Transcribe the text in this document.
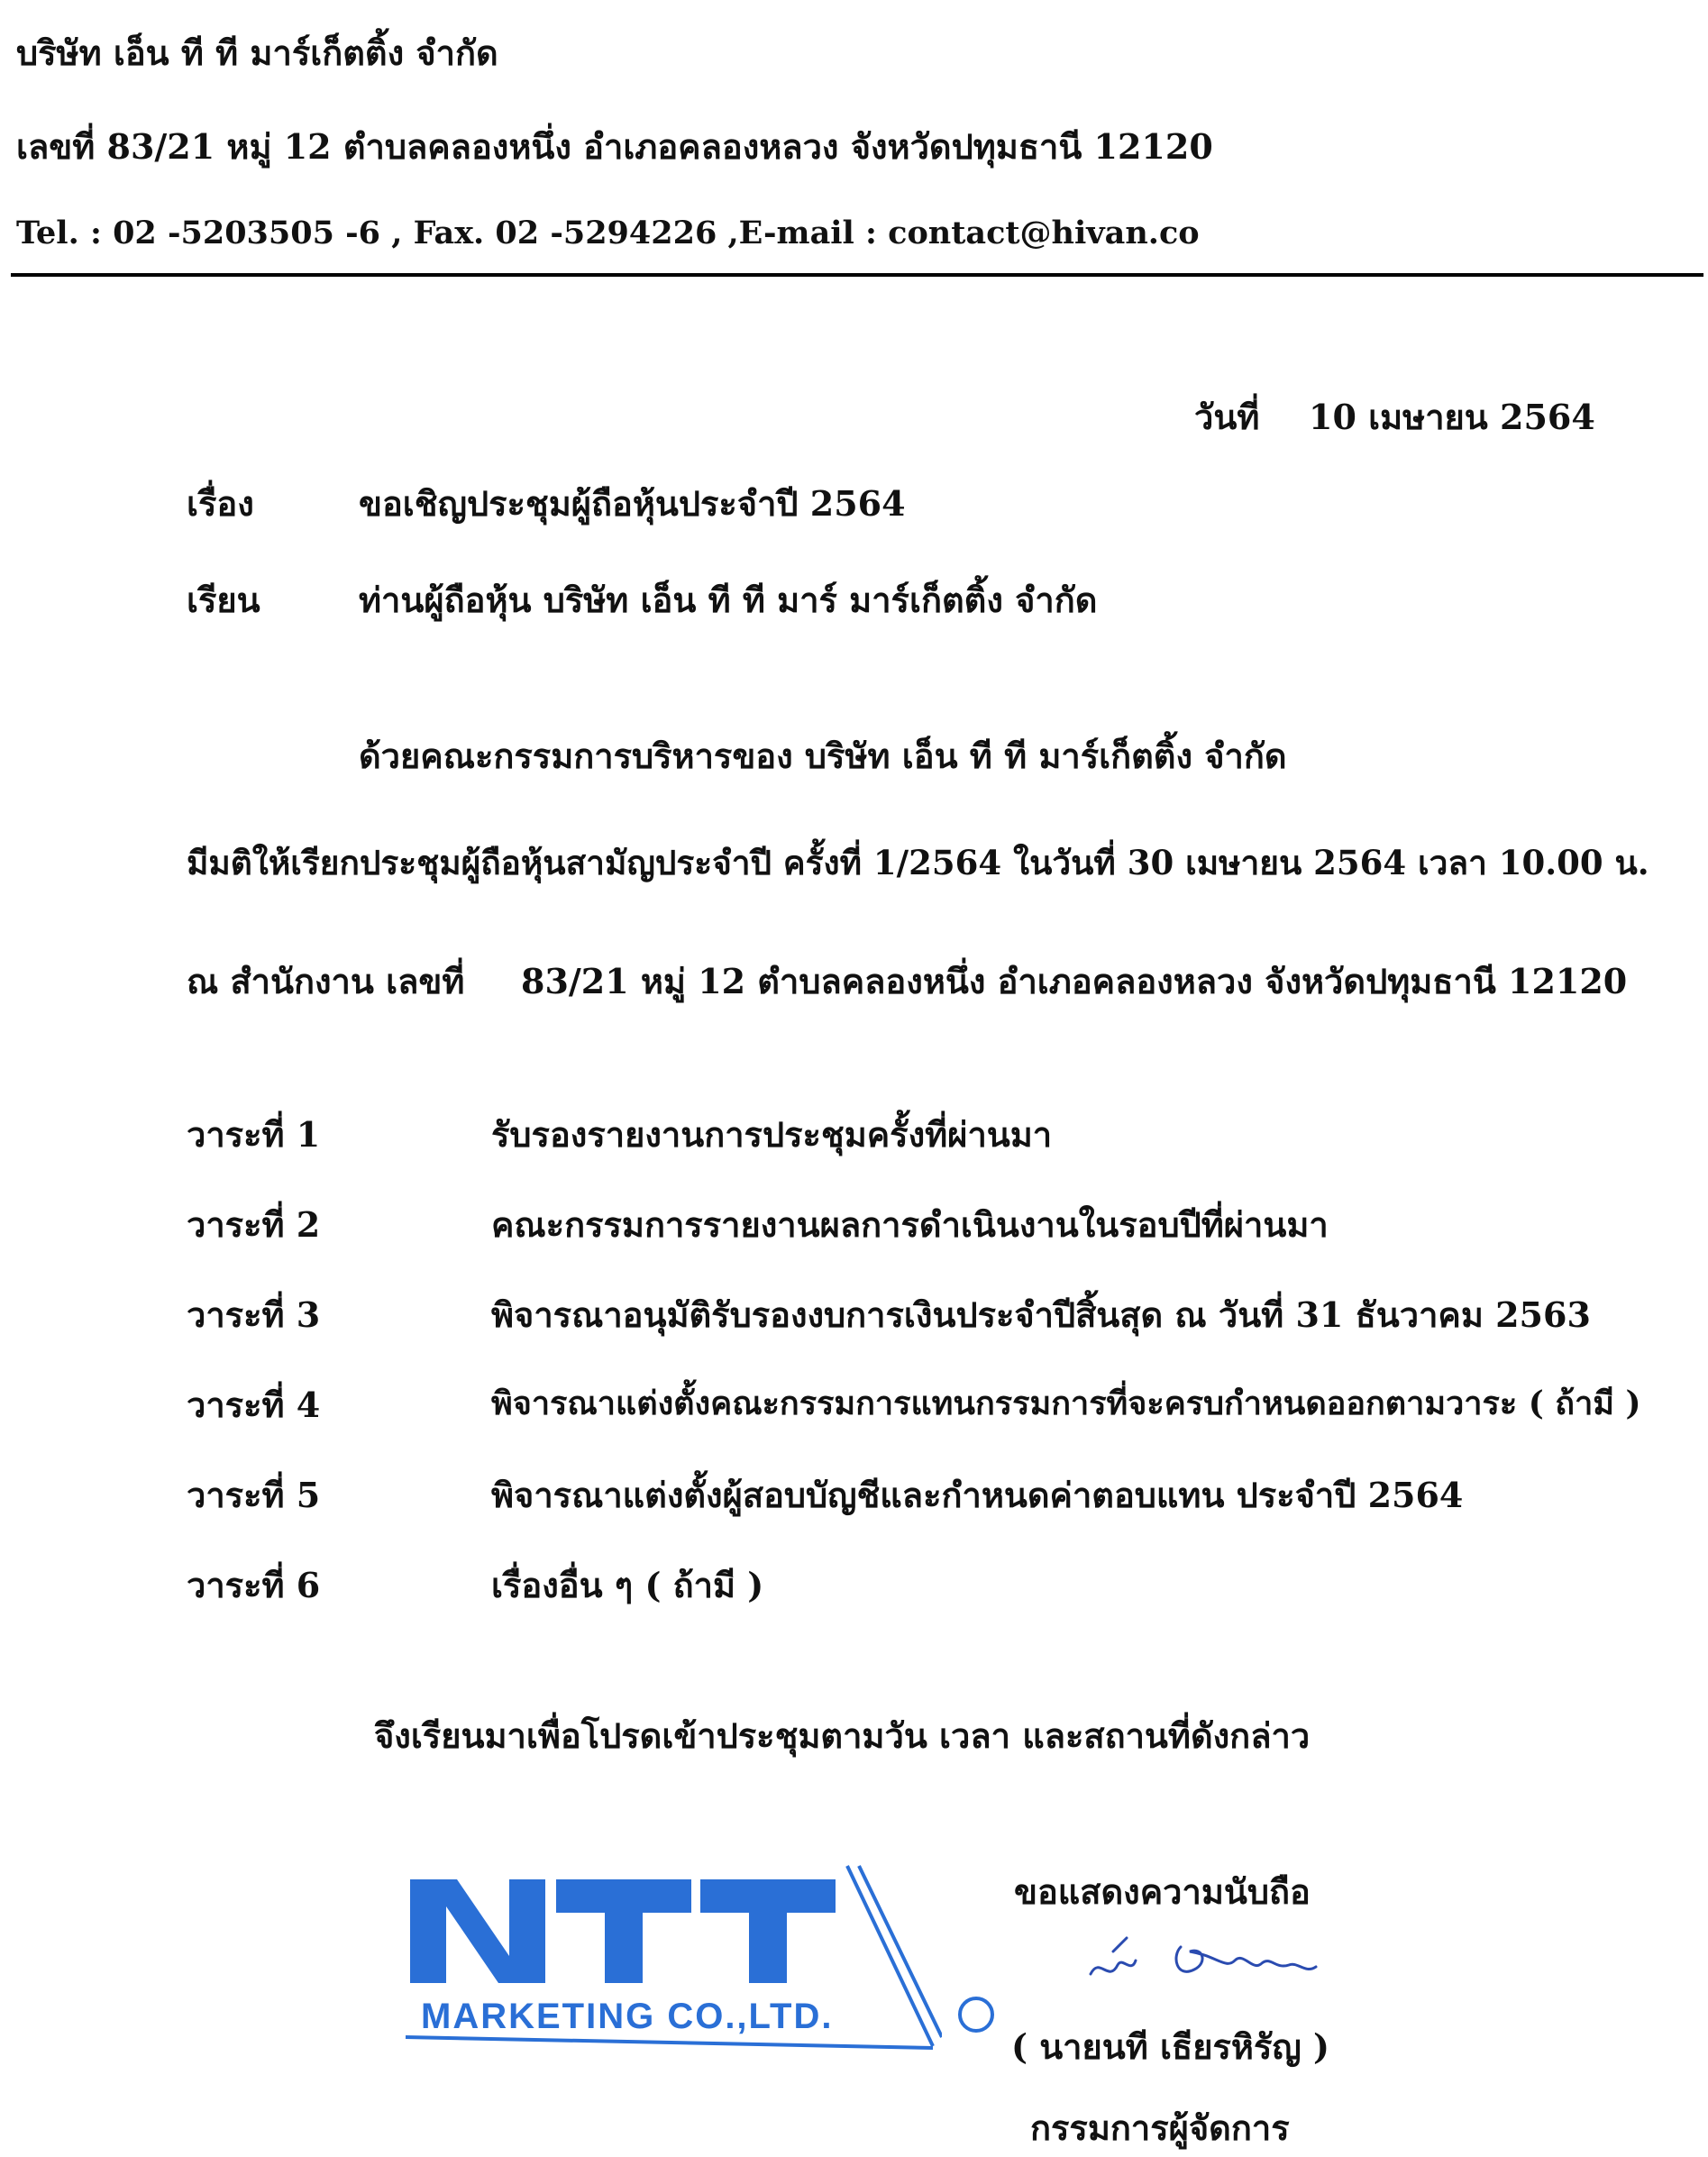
บริษัท เอ็น ที ที มาร์เก็ตติ้ง จำกัด
เลขที่ 83/21 หมู่ 12 ตำบลคลองหนึ่ง อำเภอคลองหลวง จังหวัดปทุมธานี 12120
Tel. : 02 -5203505 -6 , Fax. 02 -5294226 ,E-mail : contact@hivan.co
วันที่ 10 เมษายน 2564
เรื่อง	ขอเชิญประชุมผู้ถือหุ้นประจำปี 2564
เรียน	ท่านผู้ถือหุ้น บริษัท เอ็น ที ที มาร์ มาร์เก็ตติ้ง จำกัด
ด้วยคณะกรรมการบริหารของ บริษัท เอ็น ที ที มาร์เก็ตติ้ง จำกัด
มีมติให้เรียกประชุมผู้ถือหุ้นสามัญประจำปี ครั้งที่ 1/2564 ในวันที่ 30 เมษายน 2564 เวลา 10.00 น.
ณ สำนักงาน เลขที่ 83/21 หมู่ 12 ตำบลคลองหนึ่ง อำเภอคลองหลวง จังหวัดปทุมธานี 12120
วาระที่ 1	รับรองรายงานการประชุมครั้งที่ผ่านมา
วาระที่ 2	คณะกรรมการรายงานผลการดำเนินงานในรอบปีที่ผ่านมา
วาระที่ 3	พิจารณาอนุมัติรับรองงบการเงินประจำปีสิ้นสุด ณ วันที่ 31 ธันวาคม 2563
วาระที่ 4	พิจารณาแต่งตั้งคณะกรรมการแทนกรรมการที่จะครบกำหนดออกตามวาระ ( ถ้ามี )
วาระที่ 5	พิจารณาแต่งตั้งผู้สอบบัญชีและกำหนดค่าตอบแทน ประจำปี 2564
วาระที่ 6	เรื่องอื่น ๆ ( ถ้ามี )
จึงเรียนมาเพื่อโปรดเข้าประชุมตามวัน เวลา และสถานที่ดังกล่าว
MARKETING CO.,LTD.
ขอแสดงความนับถือ
( นายนที เธียรหิรัญ )
กรรมการผู้จัดการ
